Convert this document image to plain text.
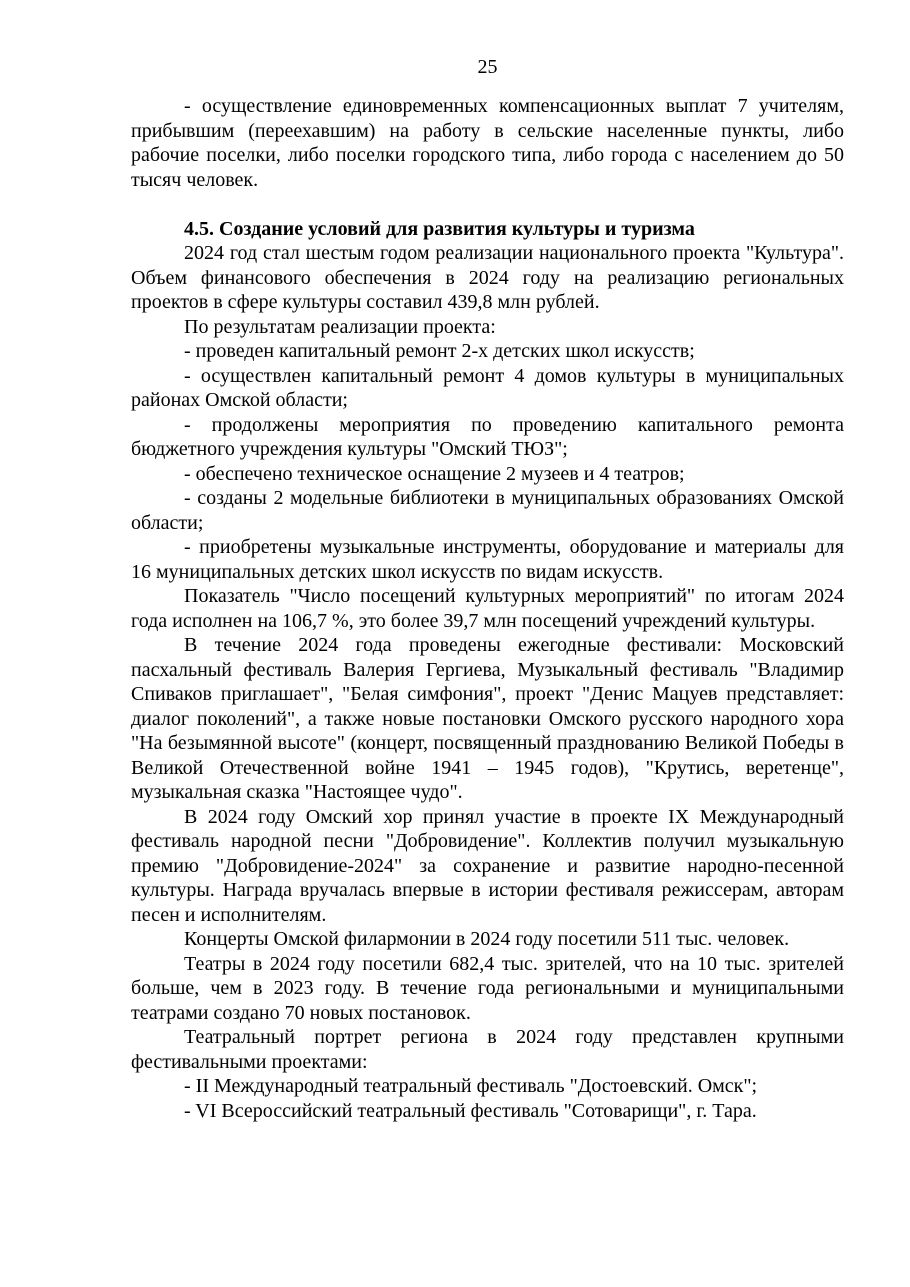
25

- осуществление единовременных компенсационных выплат 7 учителям, прибывшим (переехавшим) на работу в сельские населенные пункты, либо рабочие поселки, либо поселки городского типа, либо города с населением до 50 тысяч человек.

4.5. Создание условий для развития культуры и туризма

2024 год стал шестым годом реализации национального проекта "Культура". Объем финансового обеспечения в 2024 году на реализацию региональных проектов в сфере культуры составил 439,8 млн рублей.

По результатам реализации проекта:

- проведен капитальный ремонт 2-х детских школ искусств;

- осуществлен капитальный ремонт 4 домов культуры в муниципальных районах Омской области;

- продолжены мероприятия по проведению капитального ремонта бюджетного учреждения культуры "Омский ТЮЗ";

- обеспечено техническое оснащение 2 музеев и 4 театров;

- созданы 2 модельные библиотеки в муниципальных образованиях Омской области;

- приобретены музыкальные инструменты, оборудование и материалы для 16 муниципальных детских школ искусств по видам искусств.

Показатель "Число посещений культурных мероприятий" по итогам 2024 года исполнен на 106,7 %, это более 39,7 млн посещений учреждений культуры.

В течение 2024 года проведены ежегодные фестивали: Московский пасхальный фестиваль Валерия Гергиева, Музыкальный фестиваль "Владимир Спиваков приглашает", "Белая симфония", проект "Денис Мацуев представляет: диалог поколений", а также новые постановки Омского русского народного хора "На безымянной высоте" (концерт, посвященный празднованию Великой Победы в Великой Отечественной войне 1941 – 1945 годов), "Крутись, веретенце", музыкальная сказка "Настоящее чудо".

В 2024 году Омский хор принял участие в проекте IX Международный фестиваль народной песни "Добровидение". Коллектив получил музыкальную премию "Добровидение-2024" за сохранение и развитие народно-песенной культуры. Награда вручалась впервые в истории фестиваля режиссерам, авторам песен и исполнителям.

Концерты Омской филармонии в 2024 году посетили 511 тыс. человек.

Театры в 2024 году посетили 682,4 тыс. зрителей, что на 10 тыс. зрителей больше, чем в 2023 году. В течение года региональными и муниципальными театрами создано 70 новых постановок.

Театральный портрет региона в 2024 году представлен крупными фестивальными проектами:

- II Международный театральный фестиваль "Достоевский. Омск";

- VI Всероссийский театральный фестиваль "Сотоварищи", г. Тара.
